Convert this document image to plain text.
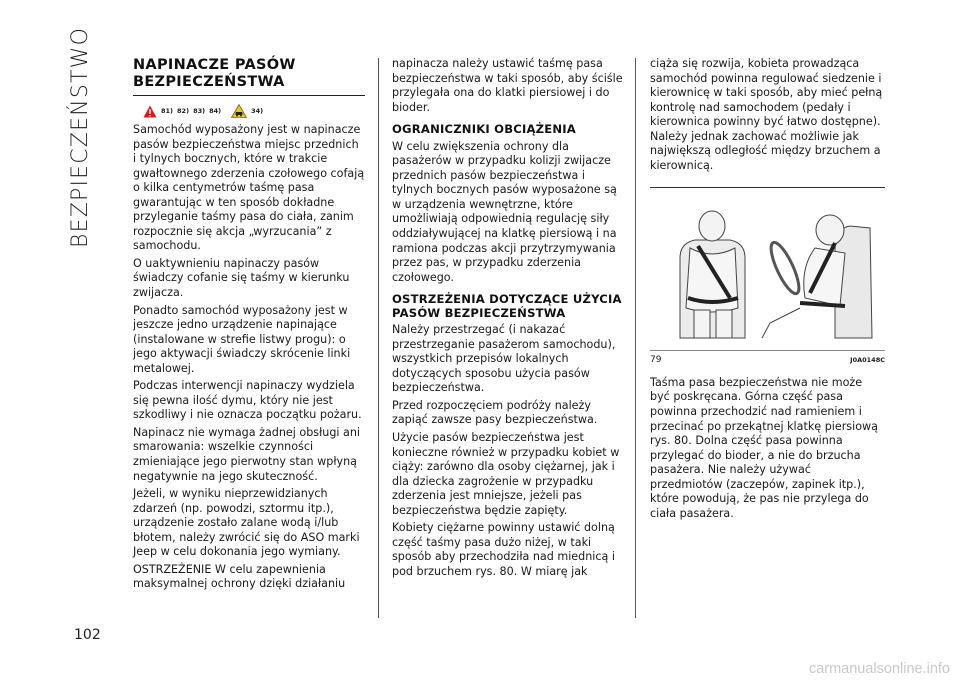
BEZPIECZEŃSTWO
102
NAPINACZE PASÓW BEZPIECZEŃSTWA
81) 82) 83) 84)	34)

Samochód wyposażony jest w napinacze pasów bezpieczeństwa miejsc przednich i tylnych bocznych, które w trakcie gwałtownego zderzenia czołowego cofają o kilka centymetrów taśmę pasa gwarantując w ten sposób dokładne przyleganie taśmy pasa do ciała, zanim rozpocznie się akcja „wyrzucania” z samochodu.

O uaktywnieniu napinaczy pasów świadczy cofanie się taśmy w kierunku zwijacza.

Ponadto samochód wyposażony jest w jeszcze jedno urządzenie napinające (instalowane w strefie listwy progu): o jego aktywacji świadczy skrócenie linki metalowej.

Podczas interwencji napinaczy wydziela się pewna ilość dymu, który nie jest szkodliwy i nie oznacza początku pożaru.

Napinacz nie wymaga żadnej obsługi ani smarowania: wszelkie czynności zmieniające jego pierwotny stan wpłyną negatywnie na jego skuteczność.

Jeżeli, w wyniku nieprzewidzianych zdarzeń (np. powodzi, sztormu itp.), urządzenie zostało zalane wodą i/lub błotem, należy zwrócić się do ASO marki Jeep w celu dokonania jego wymiany.

OSTRZEŻENIE W celu zapewnienia maksymalnej ochrony dzięki działaniu

napinacza należy ustawić taśmę pasa bezpieczeństwa w taki sposób, aby ściśle przylegała ona do klatki piersiowej i do bioder.

OGRANICZNIKI OBCIĄŻENIA

W celu zwiększenia ochrony dla pasażerów w przypadku kolizji zwijacze przednich pasów bezpieczeństwa i tylnych bocznych pasów wyposażone są w urządzenia wewnętrzne, które umożliwiają odpowiednią regulację siły oddziaływującej na klatkę piersiową i na ramiona podczas akcji przytrzymywania przez pas, w przypadku zderzenia czołowego.

OSTRZEŻENIA DOTYCZĄCE UŻYCIA PASÓW BEZPIECZEŃSTWA

Należy przestrzegać (i nakazać przestrzeganie pasażerom samochodu), wszystkich przepisów lokalnych dotyczących sposobu użycia pasów bezpieczeństwa.

Przed rozpoczęciem podróży należy zapiąć zawsze pasy bezpieczeństwa.

Użycie pasów bezpieczeństwa jest konieczne również w przypadku kobiet w ciąży: zarówno dla osoby ciężarnej, jak i dla dziecka zagrożenie w przypadku zderzenia jest mniejsze, jeżeli pas bezpieczeństwa będzie zapięty.

Kobiety ciężarne powinny ustawić dolną część taśmy pasa dużo niżej, w taki sposób aby przechodziła nad miednicą i pod brzuchem rys. 80. W miarę jak

ciąża się rozwija, kobieta prowadząca samochód powinna regulować siedzenie i kierownicę w taki sposób, aby mieć pełną kontrolę nad samochodem (pedały i kierownica powinny być łatwo dostępne). Należy jednak zachować możliwie jak największą odległość między brzuchem a kierownicą.

79	J0A0148C

Taśma pasa bezpieczeństwa nie może być poskręcana. Górna część pasa powinna przechodzić nad ramieniem i przecinać po przekątnej klatkę piersiową rys. 80. Dolna część pasa powinna przylegać do bioder, a nie do brzucha pasażera. Nie należy używać przedmiotów (zaczepów, zapinek itp.), które powodują, że pas nie przylega do ciała pasażera.

carmanualsonline.info
